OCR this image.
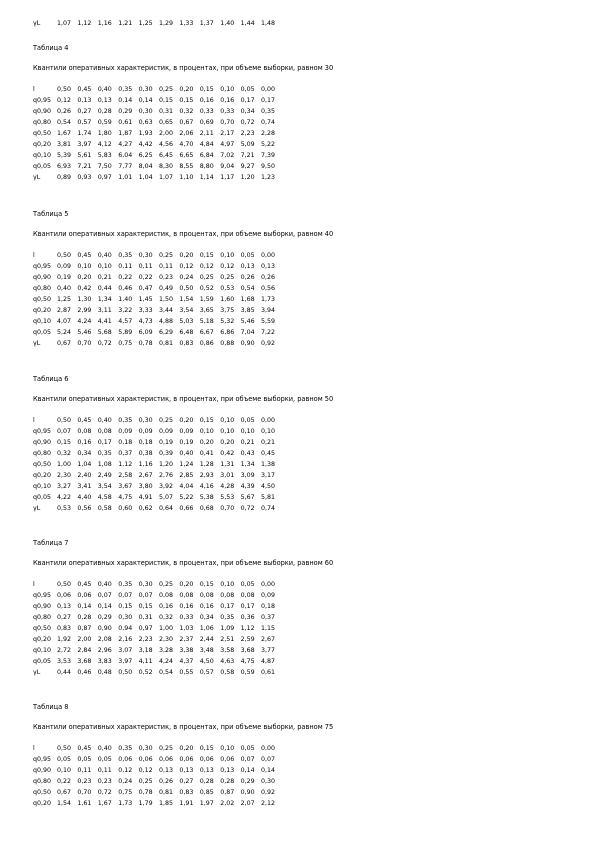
γL	1,07 1,12 1,16 1,21 1,25 1,29 1,33 1,37 1,40 1,44 1,48
Таблица 4
Квантили оперативных характеристик, в процентах, при объеме выборки, равном 30
l	0,50 0,45 0,40 0,35 0,30 0,25 0,20 0,15 0,10 0,05 0,00
q0,95 0,12 0,13 0,13 0,14 0,14 0,15 0,15 0,16 0,16 0,17 0,17
q0,90 0,26 0,27 0,28 0,29 0,30 0,31 0,32 0,33 0,33 0,34 0,35
q0,80 0,54 0,57 0,59 0,61 0,63 0,65 0,67 0,69 0,70 0,72 0,74
q0,50 1,67 1,74 1,80 1,87 1,93 2,00 2,06 2,11 2,17 2,23 2,28
q0,20 3,81 3,97 4,12 4,27 4,42 4,56 4,70 4,84 4,97 5,09 5,22
q0,10 5,39 5,61 5,83 6,04 6,25 6,45 6,65 6,84 7,02 7,21 7,39
q0,05 6,93 7,21 7,50 7,77 8,04 8,30 8,55 8,80 9,04 9,27 9,50
γL	0,89 0,93 0,97 1,01 1,04 1,07 1,10 1,14 1,17 1,20 1,23
Таблица 5
Квантили оперативных характеристик, в процентах, при объеме выборки, равном 40
l	0,50 0,45 0,40 0,35 0,30 0,25 0,20 0,15 0,10 0,05 0,00
q0,95 0,09 0,10 0,10 0,11 0,11 0,11 0,12 0,12 0,12 0,13 0,13
q0,90 0,19 0,20 0,21 0,22 0,22 0,23 0,24 0,25 0,25 0,26 0,26
q0,80 0,40 0,42 0,44 0,46 0,47 0,49 0,50 0,52 0,53 0,54 0,56
q0,50 1,25 1,30 1,34 1,40 1,45 1,50 1,54 1,59 1,60 1,68 1,73
q0,20 2,87 2,99 3,11 3,22 3,33 3,44 3,54 3,65 3,75 3,85 3,94
q0,10 4,07 4,24 4,41 4,57 4,73 4,88 5,03 5,18 5,32 5,46 5,59
q0,05 5,24 5,46 5,68 5,89 6,09 6,29 6,48 6,67 6,86 7,04 7,22
γL	0,67 0,70 0,72 0,75 0,78 0,81 0,83 0,86 0,88 0,90 0,92
Таблица 6
Квантили оперативных характеристик, в процентах, при объеме выборки, равном 50
l	0,50 0,45 0,40 0,35 0,30 0,25 0,20 0,15 0,10 0,05 0,00
q0,95 0,07 0,08 0,08 0,09 0,09 0,09 0,09 0,10 0,10 0,10 0,10
q0,90 0,15 0,16 0,17 0,18 0,18 0,19 0,19 0,20 0,20 0,21 0,21
q0,80 0,32 0,34 0,35 0,37 0,38 0,39 0,40 0,41 0,42 0,43 0,45
q0,50 1,00 1,04 1,08 1,12 1,16 1,20 1,24 1,28 1,31 1,34 1,38
q0,20 2,30 2,40 2,49 2,58 2,67 2,76 2,85 2,93 3,01 3,09 3,17
q0,10 3,27 3,41 3,54 3,67 3,80 3,92 4,04 4,16 4,28 4,39 4,50
q0,05 4,22 4,40 4,58 4,75 4,91 5,07 5,22 5,38 5,53 5,67 5,81
γL	0,53 0,56 0,58 0,60 0,62 0,64 0,66 0,68 0,70 0,72 0,74
Таблица 7
Квантили оперативных характеристик, в процентах, при объеме выборки, равном 60
l	0,50 0,45 0,40 0,35 0,30 0,25 0,20 0,15 0,10 0,05 0,00
q0,95 0,06 0,06 0,07 0,07 0,07 0,08 0,08 0,08 0,08 0,08 0,09
q0,90 0,13 0,14 0,14 0,15 0,15 0,16 0,16 0,16 0,17 0,17 0,18
q0,80 0,27 0,28 0,29 0,30 0,31 0,32 0,33 0,34 0,35 0,36 0,37
q0,50 0,83 0,87 0,90 0,94 0,97 1,00 1,03 1,06 1,09 1,12 1,15
q0,20 1,92 2,00 2,08 2,16 2,23 2,30 2,37 2,44 2,51 2,59 2,67
q0,10 2,72 2,84 2,96 3,07 3,18 3,28 3,38 3,48 3,58 3,68 3,77
q0,05 3,53 3,68 3,83 3,97 4,11 4,24 4,37 4,50 4,63 4,75 4,87
γL	0,44 0,46 0,48 0,50 0,52 0,54 0,55 0,57 0,58 0,59 0,61
Таблица 8
Квантили оперативных характеристик, в процентах, при объеме выборки, равном 75
l	0,50 0,45 0,40 0,35 0,30 0,25 0,20 0,15 0,10 0,05 0,00
q0,95 0,05 0,05 0,05 0,06 0,06 0,06 0,06 0,06 0,06 0,07 0,07
q0,90 0,10 0,11 0,11 0,12 0,12 0,13 0,13 0,13 0,13 0,14 0,14
q0,80 0,22 0,23 0,23 0,24 0,25 0,26 0,27 0,28 0,28 0,29 0,30
q0,50 0,67 0,70 0,72 0,75 0,78 0,81 0,83 0,85 0,87 0,90 0,92
q0,20 1,54 1,61 1,67 1,73 1,79 1,85 1,91 1,97 2,02 2,07 2,12
